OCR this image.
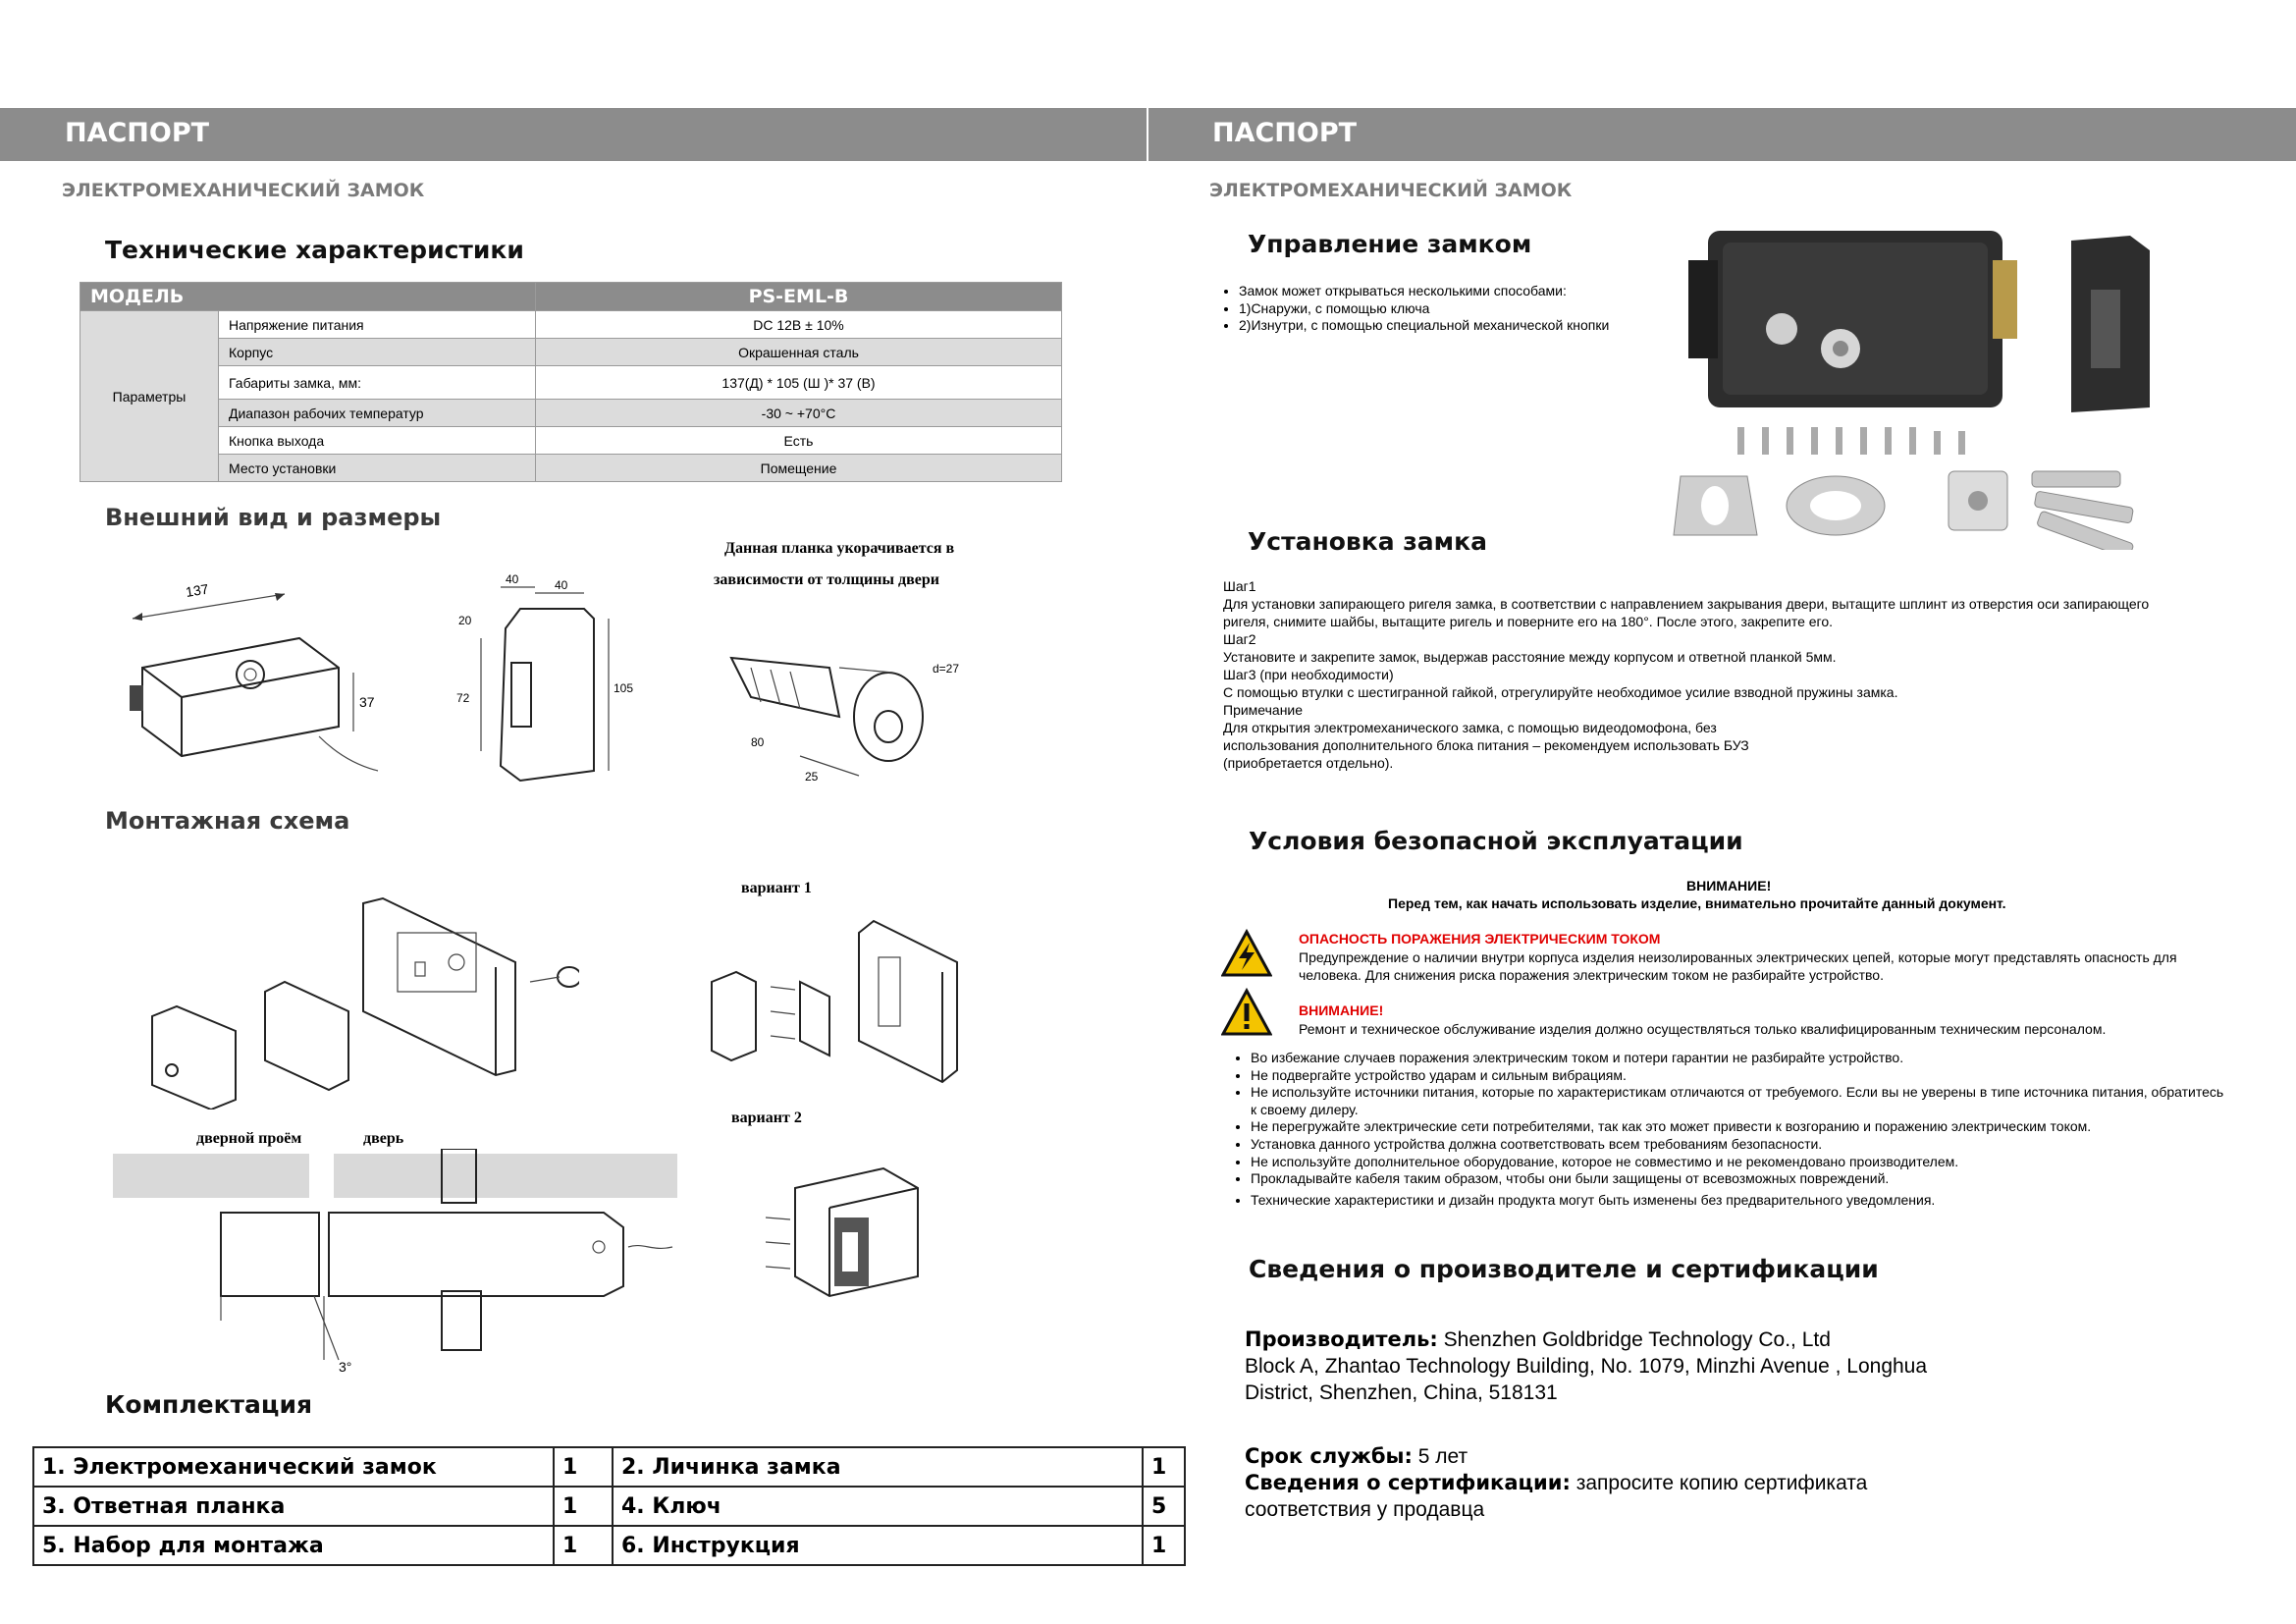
ПАСПОРТ
ЭЛЕКТРОМЕХАНИЧЕСКИЙ ЗАМОК
Технические характеристики
МОДЕЛЬ		PS-EML-B
Параметры	Напряжение питания	DC 12В ± 10%
	Корпус	Окрашенная сталь
	Габариты замка, мм:	137(Д) * 105 (Ш )* 37 (В)
	Диапазон рабочих температур	-30 ~ +70°C
	Кнопка выхода	Есть
	Место установки	Помещение
Внешний вид и размеры
137
37
40	40
20
72
105
Данная планка укорачивается в
зависимости от толщины двери
d=27
80
25
Монтажная схема
дверной проём	дверь
3°
вариант 1
вариант 2
Комплектация
1. Электромеханический замок	1	2. Личинка замка	1
3. Ответная планка	1	4. Ключ	5
5. Набор для монтажа	1	6. Инструкция	1
ПАСПОРТ
ЭЛЕКТРОМЕХАНИЧЕСКИЙ ЗАМОК
Управление замком
• Замок может открываться несколькими способами:
• 1)Снаружи, с помощью ключа
• 2)Изнутри, с помощью специальной механической кнопки
Установка замка
Шаг1
Для установки запирающего ригеля замка, в соответствии с направлением закрывания двери, вытащите шплинт из отверстия оси запирающего
ригеля, снимите шайбы, вытащите ригель и поверните его на 180°. После этого, закрепите его.
Шаг2
Установите и закрепите замок, выдержав расстояние между корпусом и ответной планкой 5мм.
Шаг3 (при необходимости)
С помощью втулки с шестигранной гайкой, отрегулируйте необходимое усилие взводной пружины замка.
Примечание
Для открытия электромеханического замка, с помощью видеодомофона, без
использования дополнительного блока питания – рекомендуем использовать БУЗ
(приобретается отдельно).
Условия безопасной эксплуатации
ВНИМАНИЕ!
Перед тем, как начать использовать изделие, внимательно прочитайте данный документ.
ОПАСНОСТЬ ПОРАЖЕНИЯ ЭЛЕКТРИЧЕСКИМ ТОКОМ
Предупреждение о наличии внутри корпуса изделия неизолированных электрических цепей, которые могут представлять опасность для
человека. Для снижения риска поражения электрическим током не разбирайте устройство.
ВНИМАНИЕ!
Ремонт и техническое обслуживание изделия должно осуществляться только квалифицированным техническим персоналом.
• Во избежание случаев поражения электрическим током и потери гарантии не разбирайте устройство.
• Не подвергайте устройство ударам и сильным вибрациям.
• Не используйте источники питания, которые по характеристикам отличаются от требуемого. Если вы не уверены в типе источника питания, обратитесь к своему дилеру.
• Не перегружайте электрические сети потребителями, так как это может привести к возгоранию и поражению электрическим током.
• Установка данного устройства должна соответствовать всем требованиям безопасности.
• Не используйте дополнительное оборудование, которое не совместимо и не рекомендовано производителем.
• Прокладывайте кабеля таким образом, чтобы они были защищены от всевозможных повреждений.
• Технические характеристики и дизайн продукта могут быть изменены без предварительного уведомления.
Сведения о производителе и сертификации
Производитель: Shenzhen Goldbridge Technology Co., Ltd
Block A, Zhantao Technology Building, No. 1079, Minzhi Avenue , Longhua
District, Shenzhen, China, 518131
Срок службы: 5 лет
Сведения о сертификации: запросите копию сертификата
соответствия у продавца
